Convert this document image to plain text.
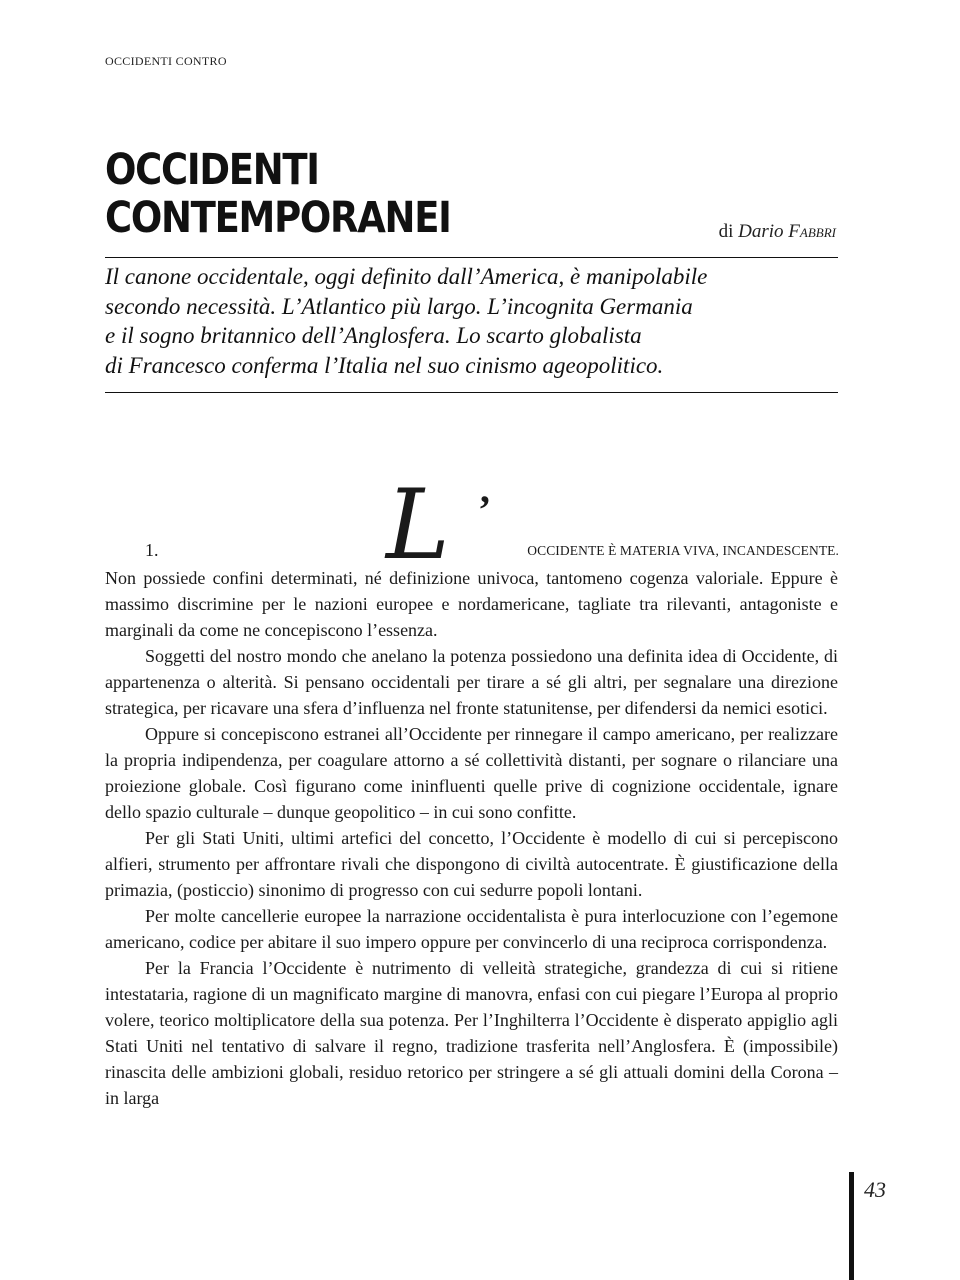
OCCIDENTI CONTRO
OCCIDENTI
CONTEMPORANEI	di Dario Fabbri
Il canone occidentale, oggi definito dall’America, è manipolabile
secondo necessità. L’Atlantico più largo. L’incognita Germania
e il sogno britannico dell’Anglosfera. Lo scarto globalista
di Francesco conferma l’Italia nel suo cinismo ageopolitico.
L ’
1.	OCCIDENTE È MATERIA VIVA, INCANDESCENTE.

Non possiede confini determinati, né definizione univoca, tantomeno cogenza valoriale. Eppure è massimo discrimine per le nazioni europee e nordamericane, tagliate tra rilevanti, antagoniste e marginali da come ne concepiscono l’essenza.

Soggetti del nostro mondo che anelano la potenza possiedono una definita idea di Occidente, di appartenenza o alterità. Si pensano occidentali per tirare a sé gli altri, per segnalare una direzione strategica, per ricavare una sfera d’influenza nel fronte statunitense, per difendersi da nemici esotici.

Oppure si concepiscono estranei all’Occidente per rinnegare il campo americano, per realizzare la propria indipendenza, per coagulare attorno a sé collettività distanti, per sognare o rilanciare una proiezione globale. Così figurano come ininfluenti quelle prive di cognizione occidentale, ignare dello spazio culturale – dunque geopolitico – in cui sono confitte.

Per gli Stati Uniti, ultimi artefici del concetto, l’Occidente è modello di cui si percepiscono alfieri, strumento per affrontare rivali che dispongono di civiltà autocentrate. È giustificazione della primazia, (posticcio) sinonimo di progresso con cui sedurre popoli lontani.

Per molte cancellerie europee la narrazione occidentalista è pura interlocuzione con l’egemone americano, codice per abitare il suo impero oppure per convincerlo di una reciproca corrispondenza.

Per la Francia l’Occidente è nutrimento di velleità strategiche, grandezza di cui si ritiene intestataria, ragione di un magnificato margine di manovra, enfasi con cui piegare l’Europa al proprio volere, teorico moltiplicatore della sua potenza. Per l’Inghilterra l’Occidente è disperato appiglio agli Stati Uniti nel tentativo di salvare il regno, tradizione trasferita nell’Anglosfera. È (impossibile) rinascita delle ambizioni globali, residuo retorico per stringere a sé gli attuali domini della Corona – in larga

43
